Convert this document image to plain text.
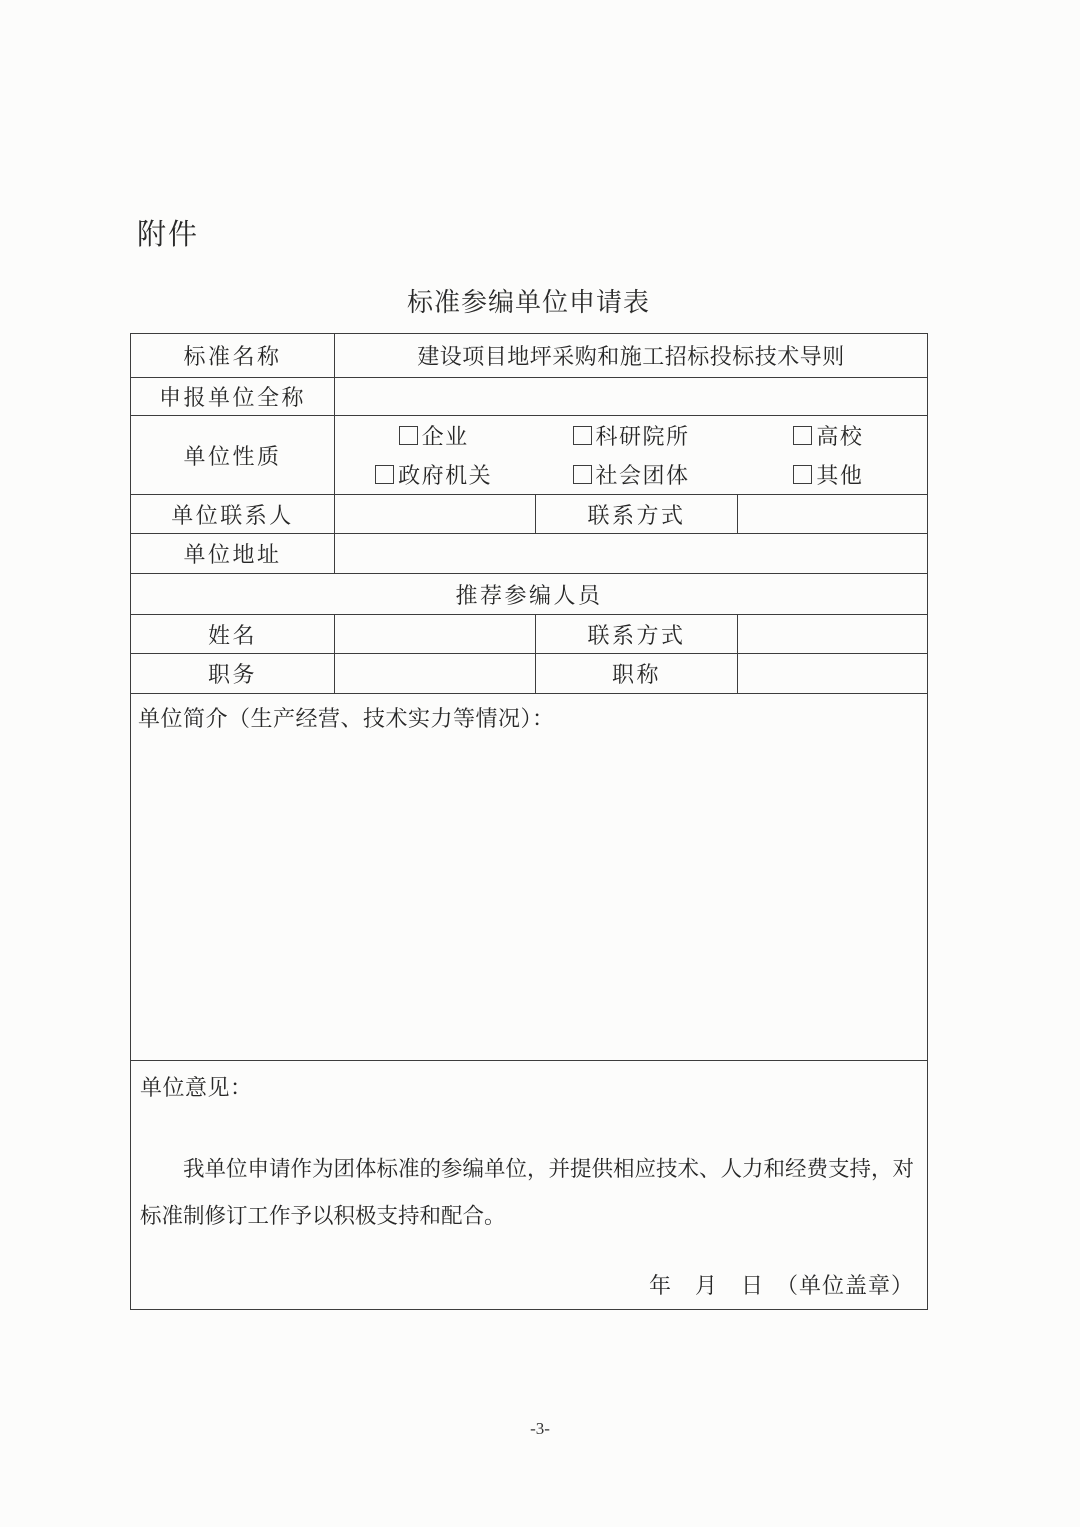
附件
标准参编单位申请表
标准名称	建设项目地坪采购和施工招标投标技术导则		
申报单位全称			
单位性质	
企业	科研院所	高校
政府机关	社会团体	其他

单位联系人		联系方式	
单位地址			
推荐参编人员			
姓名		联系方式	
职务		职称	
单位简介（生产经营、技术实力等情况）：			

单位意见：

我单位申请作为团体标准的参编单位，并提供相应技术、人力和经费支持，对标准制修订工作予以积极支持和配合。

年　月　日　（单位盖章）			
-3-
